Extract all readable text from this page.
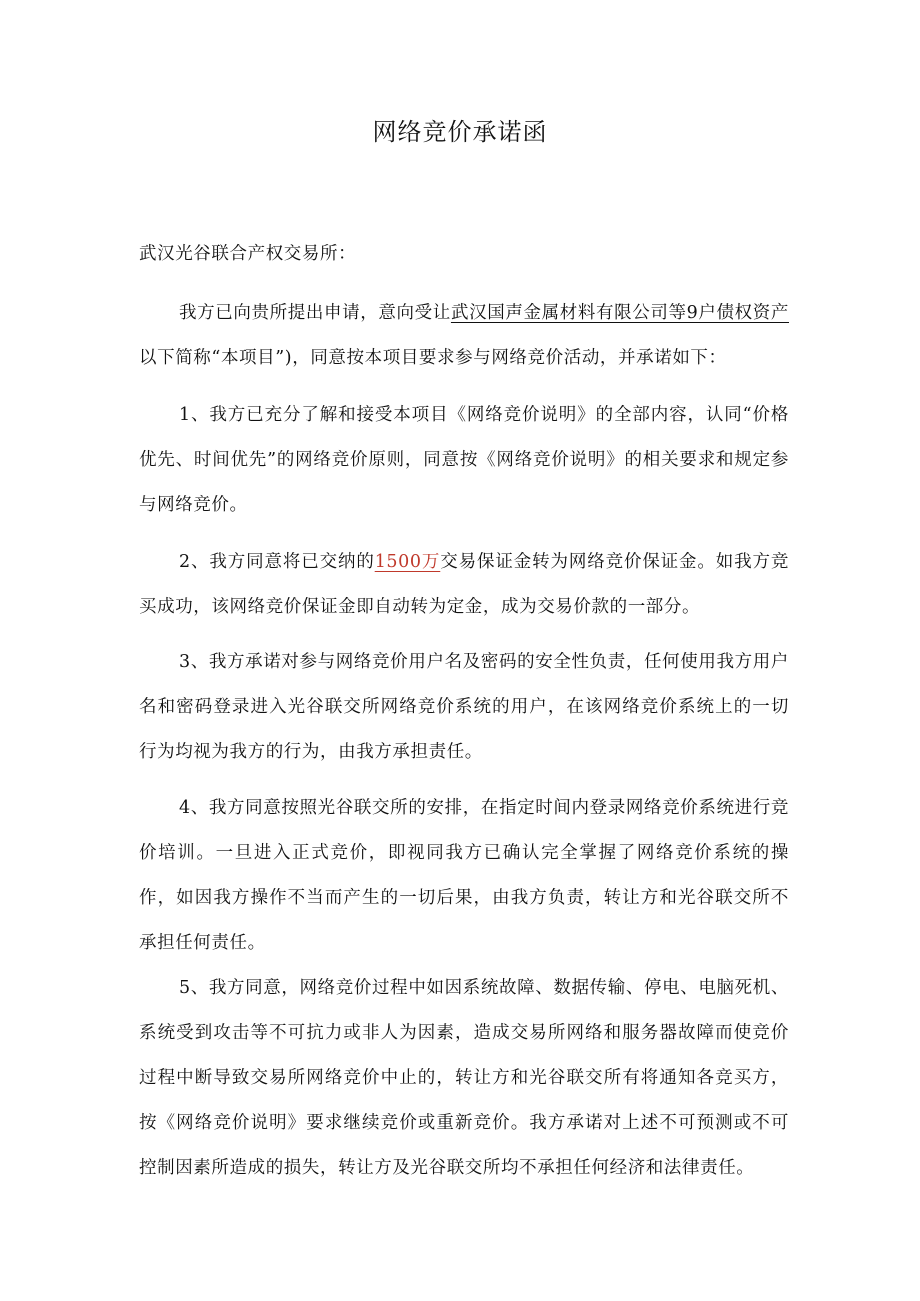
网络竞价承诺函
武汉光谷联合产权交易所：
我方已向贵所提出申请，意向受让武汉国声金属材料有限公司等9户债权资产以下简称“本项目”)，同意按本项目要求参与网络竞价活动，并承诺如下：
1、我方已充分了解和接受本项目《网络竞价说明》的全部内容，认同“价格优先、时间优先”的网络竞价原则，同意按《网络竞价说明》的相关要求和规定参与网络竞价。
2、我方同意将已交纳的1500万交易保证金转为网络竞价保证金。如我方竞买成功，该网络竞价保证金即自动转为定金，成为交易价款的一部分。
3、我方承诺对参与网络竞价用户名及密码的安全性负责，任何使用我方用户名和密码登录进入光谷联交所网络竞价系统的用户，在该网络竞价系统上的一切行为均视为我方的行为，由我方承担责任。
4、我方同意按照光谷联交所的安排，在指定时间内登录网络竞价系统进行竞价培训。一旦进入正式竞价，即视同我方已确认完全掌握了网络竞价系统的操作，如因我方操作不当而产生的一切后果，由我方负责，转让方和光谷联交所不承担任何责任。
5、我方同意，网络竞价过程中如因系统故障、数据传输、停电、电脑死机、系统受到攻击等不可抗力或非人为因素，造成交易所网络和服务器故障而使竞价过程中断导致交易所网络竞价中止的，转让方和光谷联交所有将通知各竞买方，按《网络竞价说明》要求继续竞价或重新竞价。我方承诺对上述不可预测或不可控制因素所造成的损失，转让方及光谷联交所均不承担任何经济和法律责任。
